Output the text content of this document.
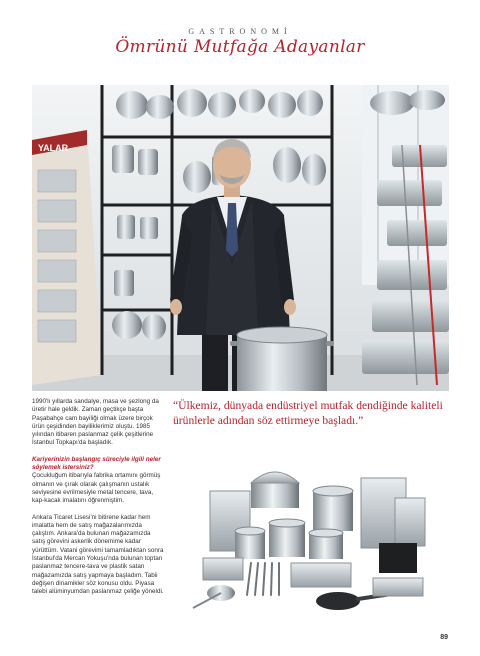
GASTRONOMİ
Ömrünü Mutfağa Adayanlar
YALAR
“Ülkemiz, dünyada endüstriyel mutfak dendiğinde kaliteli ürünlerle adından söz ettirmeye başladı.”

1990'lı yıllarda sandalye, masa ve şezlong da üretir hale geldik. Zaman geçtikçe başta Paşabahçe cam bayiliği olmak üzere birçok ürün çeşidinden bayiliklerimiz oluştu. 1985 yılından itibaren paslanmaz çelik çeşitlerine İstanbul Topkapı'da başladık.

Kariyerinizin başlangıç süreciyle ilgili neler söylemek istersiniz?

Çocukluğum itibarıyla fabrika ortamını görmüş olmanın ve çırak olarak çalışmanın ustalık seviyesine evrilmesiyle metal tencere, tava, kap-kacak imalatını öğrenmiştim.

Ankara Ticaret Lisesi'ni bitirene kadar hem imalatta hem de satış mağazalarımızda çalıştım. Ankara'da bulunan mağazamızda satış görevini askerlik dönemime kadar yürüttüm. Vatani görevimi tamamladıktan sonra İstanbul'da Mercan Yokuşu'nda bulunan toptan paslanmaz tencere-tava ve plastik satan mağazamızda satış yapmaya başladım. Tabii değişen dinamikler söz konusu oldu. Piyasa talebi alüminyumdan paslanmaz çeliğe yöneldi.

89
